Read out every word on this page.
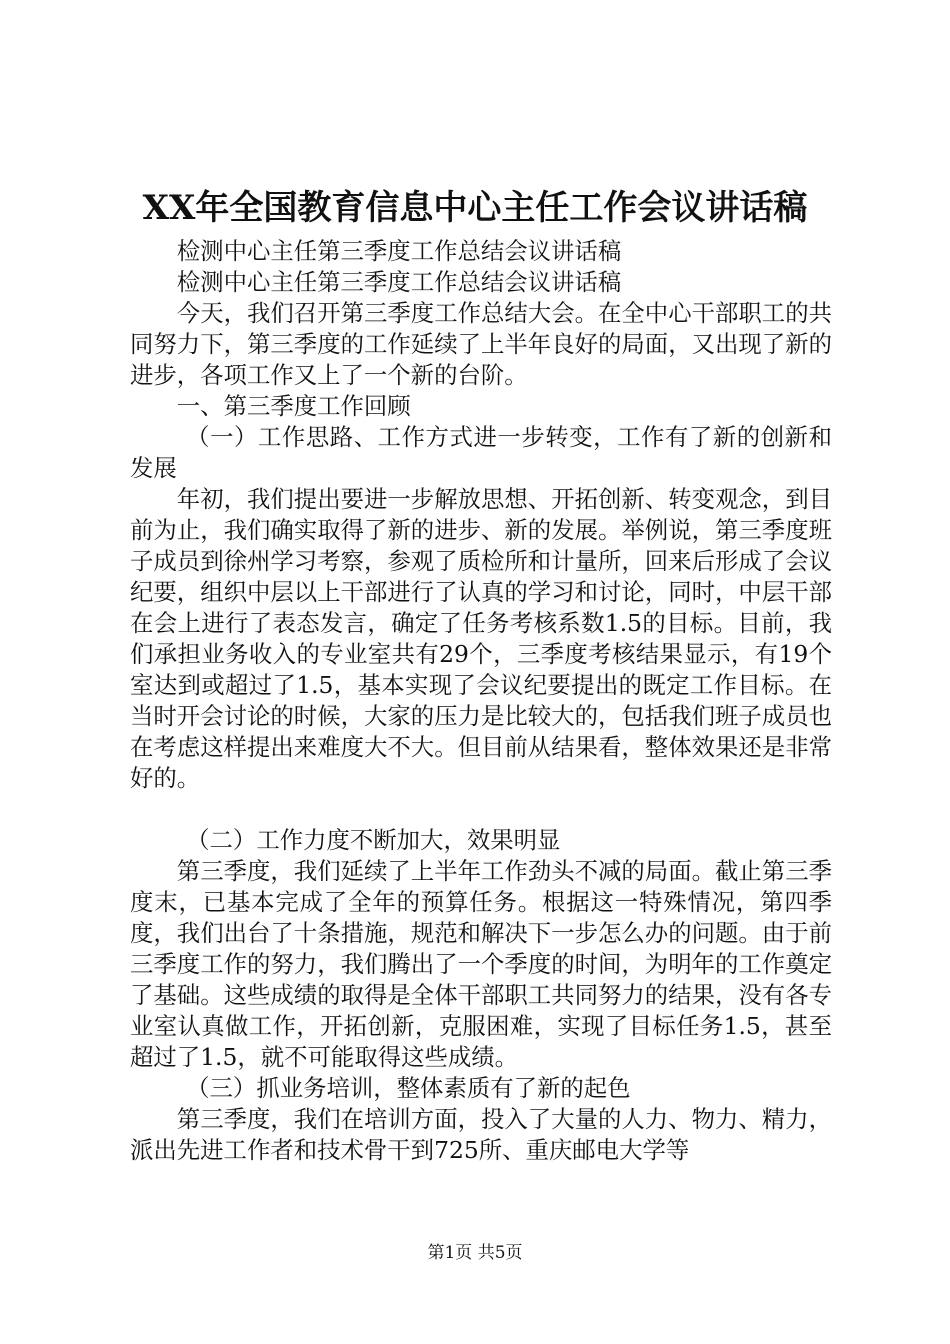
XX年全国教育信息中心主任工作会议讲话稿

检测中心主任第三季度工作总结会议讲话稿

检测中心主任第三季度工作总结会议讲话稿

今天，我们召开第三季度工作总结大会。在全中心干部职工的共同努力下，第三季度的工作延续了上半年良好的局面，又出现了新的进步，各项工作又上了一个新的台阶。

一、第三季度工作回顾

（一）工作思路、工作方式进一步转变，工作有了新的创新和发展

年初，我们提出要进一步解放思想、开拓创新、转变观念，到目前为止，我们确实取得了新的进步、新的发展。举例说，第三季度班子成员到徐州学习考察，参观了质检所和计量所，回来后形成了会议纪要，组织中层以上干部进行了认真的学习和讨论，同时，中层干部在会上进行了表态发言，确定了任务考核系数1.5的目标。目前，我们承担业务收入的专业室共有29个，三季度考核结果显示，有19个室达到或超过了1.5，基本实现了会议纪要提出的既定工作目标。在当时开会讨论的时候，大家的压力是比较大的，包括我们班子成员也在考虑这样提出来难度大不大。但目前从结果看，整体效果还是非常好的。

（二）工作力度不断加大，效果明显

第三季度，我们延续了上半年工作劲头不减的局面。截止第三季度末，已基本完成了全年的预算任务。根据这一特殊情况，第四季度，我们出台了十条措施，规范和解决下一步怎么办的问题。由于前三季度工作的努力，我们腾出了一个季度的时间，为明年的工作奠定了基础。这些成绩的取得是全体干部职工共同努力的结果，没有各专业室认真做工作，开拓创新，克服困难，实现了目标任务1.5，甚至超过了1.5，就不可能取得这些成绩。

（三）抓业务培训，整体素质有了新的起色

第三季度，我们在培训方面，投入了大量的人力、物力、精力，派出先进工作者和技术骨干到725所、重庆邮电大学等

第1页 共5页
